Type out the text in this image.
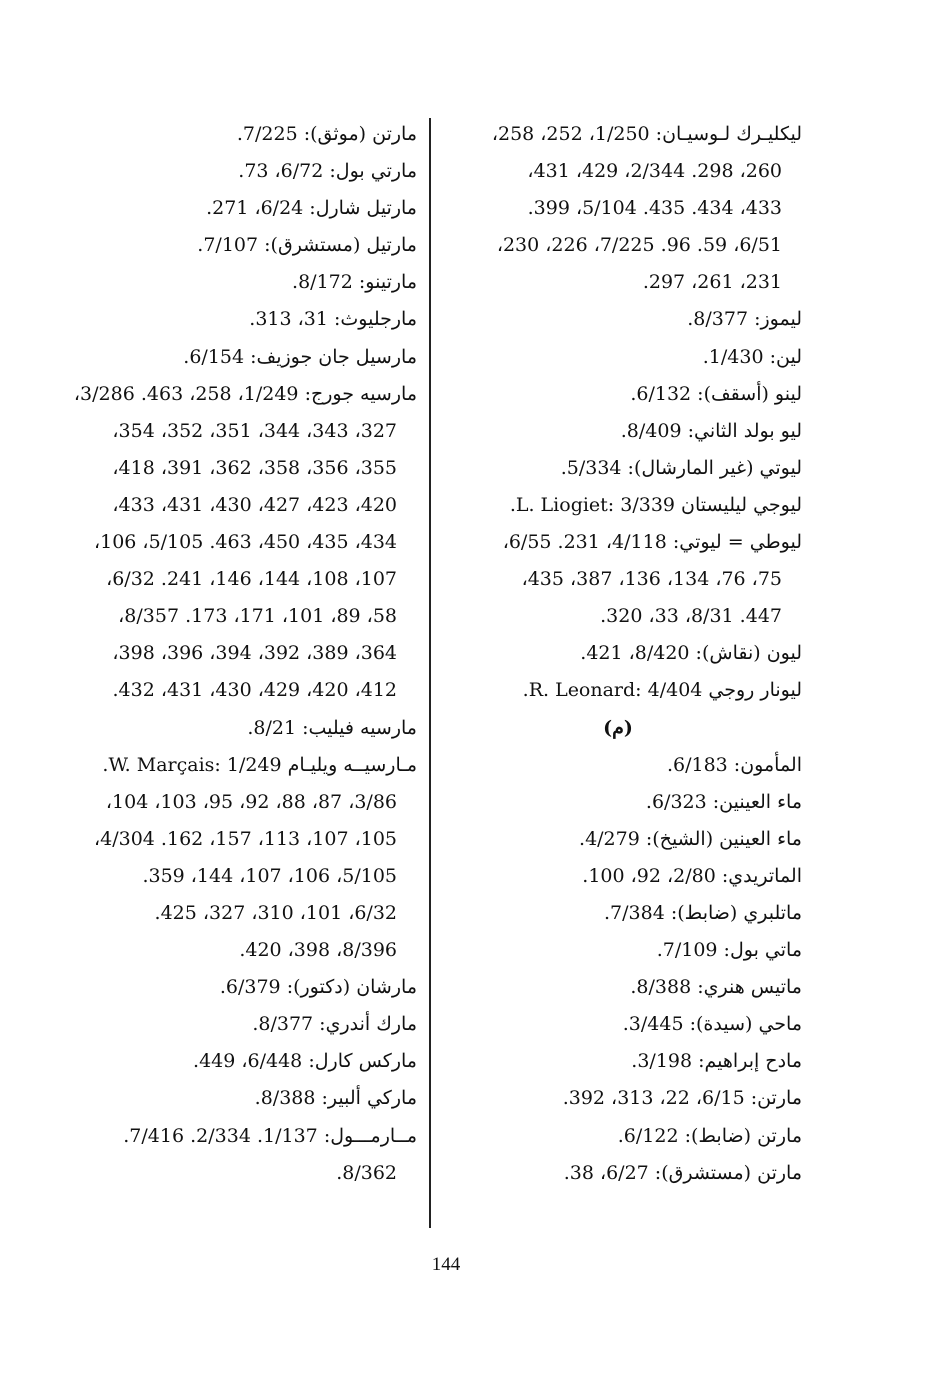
ليكليـرك لـوسيـان: 1/250، 252، 258،
260، 298. 2/344، 429، 431،
433، 434. 435. 5/104، 399.
6/51، 59. 96. 7/225، 226، 230،
231، 261، 297.
ليموز: 8/377.
لين: 1/430.
لينو (أسقف): 6/132.
ليو بولد الثاني: 8/409.
ليوتي (غير المارشال): 5/334.
ليوجي ليليستان L. Liogiet: 3/339.
ليوطي = ليوتي: 4/118، 231. 6/55،
75، 76، 134، 136، 387، 435،
447. 8/31، 33، 320.
ليون (نقاش): 8/420، 421.
ليونار روجي R. Leonard: 4/404.
(م)
المأمون: 6/183.
ماء العينين: 6/323.
ماء العينين (الشيخ): 4/279.
الماتريدي: 2/80، 92، 100.
ماتلبري (ضابط): 7/384.
ماتي بول: 7/109.
ماتيس هنري: 8/388.
ماحي (سيدة): 3/445.
مادح إبراهيم: 3/198.
مارتن: 6/15، 22، 313، 392.
مارتن (ضابط): 6/122.
مارتن (مستشرق): 6/27، 38.
مارتن (موثق): 7/225.
مارتي بول: 6/72، 73.
مارتيل شارل: 6/24، 271.
مارتيل (مستشرق): 7/107.
مارتينو: 8/172.
مارجليوث: 31، 313.
مارسيل جان جوزيف: 6/154.
مارسيه جورج: 1/249، 258، 463. 3/286،
327، 343، 344، 351، 352، 354،
355، 356، 358، 362، 391، 418،
420، 423، 427، 430، 431، 433،
434، 435، 450، 463. 5/105، 106،
107، 108، 144، 146، 241. 6/32،
58، 89، 101، 171، 173. 8/357،
364، 389، 392، 394، 396، 398،
412، 420، 429، 430، 431، 432.
مارسيه فيليب: 8/21.
مـارسيــه ويليـام W. Marçais: 1/249.
3/86، 87، 88، 92، 95، 103، 104،
105، 107، 113، 157، 162. 4/304،
5/105، 106، 107، 144، 359.
6/32، 101، 310، 327، 425.
8/396، 398، 420.
مارشان (دكتور): 6/379.
مارك أندري: 8/377.
ماركس كارل: 6/448، 449.
ماركي ألبير: 8/388.
مــارمـــول: 1/137. 2/334. 7/416.
8/362.
144
